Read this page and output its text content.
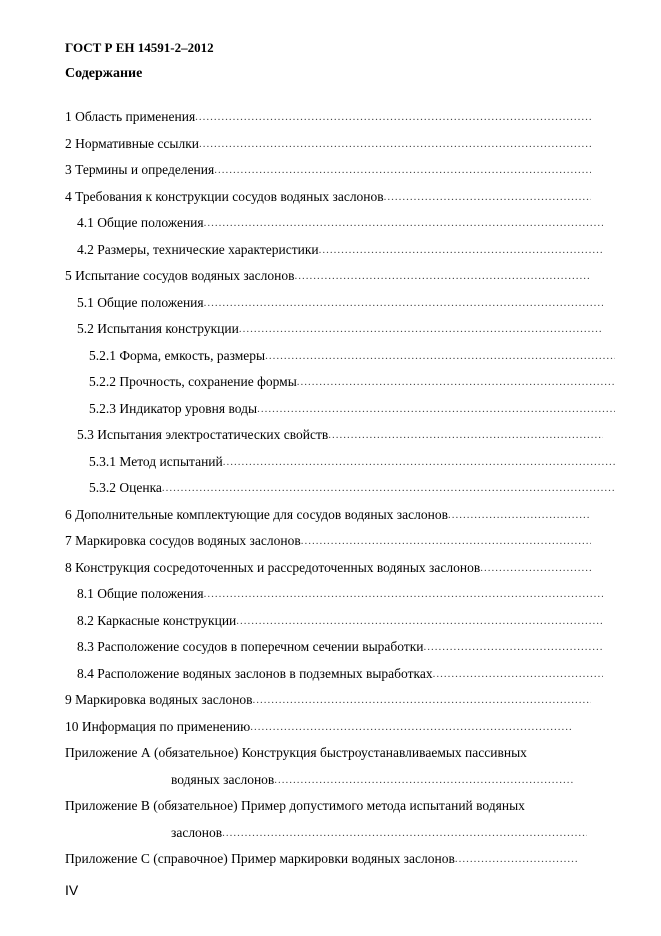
ГОСТ Р ЕН 14591-2–2012
Содержание
1 Область применения
.....
2 Нормативные ссылки
.....
3 Термины и определения
.....
4 Требования к конструкции сосудов водяных заслонов
.....
4.1 Общие положения
.....
4.2 Размеры, технические характеристики
.....
5 Испытание сосудов водяных заслонов
.....
5.1 Общие положения
.....
5.2 Испытания конструкции
.....
5.2.1 Форма, емкость, размеры
.....
5.2.2 Прочность, сохранение формы
.....
5.2.3 Индикатор уровня воды
.....
5.3 Испытания электростатических свойств
.....
5.3.1 Метод испытаний
.....
5.3.2 Оценка
.....
6 Дополнительные комплектующие для сосудов водяных заслонов
.....
7 Маркировка сосудов водяных заслонов
.....
8 Конструкция сосредоточенных и рассредоточенных водяных заслонов
.....
8.1 Общие положения
.....
8.2 Каркасные конструкции
.....
8.3 Расположение сосудов в поперечном сечении выработки
.....
8.4 Расположение водяных заслонов в подземных выработках
.....
9 Маркировка водяных заслонов
.....
10 Информация по применению
.....
Приложение А (обязательное) Конструкция быстроустанавливаемых пассивных
водяных заслонов
.....
Приложение В (обязательное) Пример допустимого метода испытаний водяных
заслонов
.....
Приложение С (справочное) Пример маркировки водяных заслонов
.....
IV
